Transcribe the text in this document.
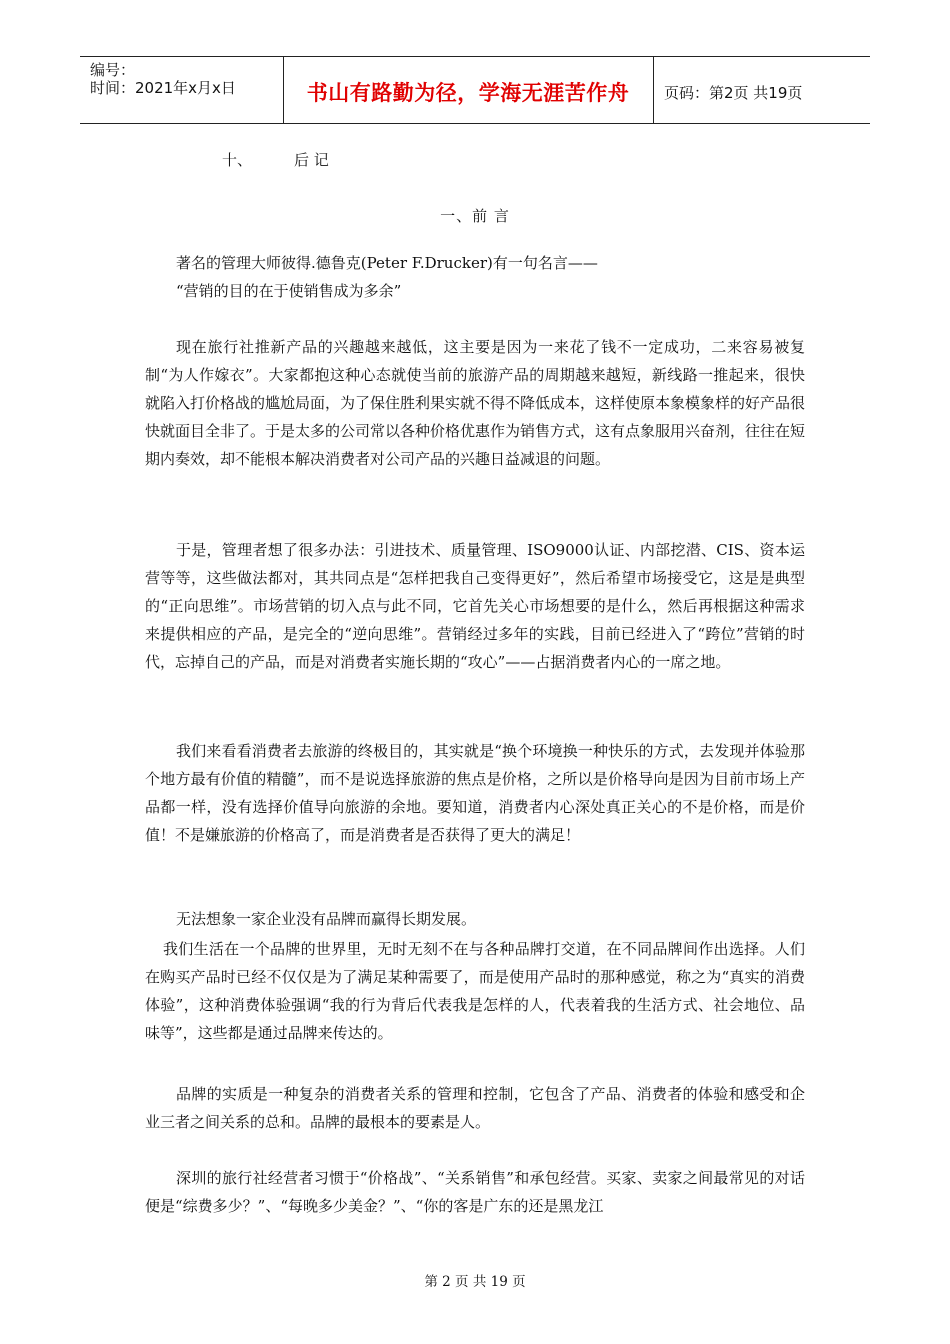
编号：
时间：2021年x月x日	书山有路勤为径，学海无涯苦作舟	页码：第2页 共19页
十、	后 记
一、前 言

著名的管理大师彼得.德鲁克(Peter F.Drucker)有一句名言——

“营销的目的在于使销售成为多余”

现在旅行社推新产品的兴趣越来越低，这主要是因为一来花了钱不一定成功，二来容易被复制“为人作嫁衣”。大家都抱这种心态就使当前的旅游产品的周期越来越短，新线路一推起来，很快就陷入打价格战的尴尬局面，为了保住胜利果实就不得不降低成本，这样使原本象模象样的好产品很快就面目全非了。于是太多的公司常以各种价格优惠作为销售方式，这有点象服用兴奋剂，往往在短期内奏效，却不能根本解决消费者对公司产品的兴趣日益减退的问题。

于是，管理者想了很多办法：引进技术、质量管理、ISO9000认证、内部挖潜、CIS、资本运营等等，这些做法都对，其共同点是“怎样把我自己变得更好”，然后希望市场接受它，这是是典型的“正向思维”。市场营销的切入点与此不同，它首先关心市场想要的是什么，然后再根据这种需求来提供相应的产品，是完全的“逆向思维”。营销经过多年的实践，目前已经进入了“跨位”营销的时代，忘掉自己的产品，而是对消费者实施长期的“攻心”——占据消费者内心的一席之地。

我们来看看消费者去旅游的终极目的，其实就是“换个环境换一种快乐的方式，去发现并体验那个地方最有价值的精髓”，而不是说选择旅游的焦点是价格，之所以是价格导向是因为目前市场上产品都一样，没有选择价值导向旅游的余地。要知道，消费者内心深处真正关心的不是价格，而是价值！不是嫌旅游的价格高了，而是消费者是否获得了更大的满足！

无法想象一家企业没有品牌而赢得长期发展。

我们生活在一个品牌的世界里，无时无刻不在与各种品牌打交道，在不同品牌间作出选择。人们在购买产品时已经不仅仅是为了满足某种需要了，而是使用产品时的那种感觉，称之为“真实的消费体验”，这种消费体验强调“我的行为背后代表我是怎样的人，代表着我的生活方式、社会地位、品味等”，这些都是通过品牌来传达的。

品牌的实质是一种复杂的消费者关系的管理和控制，它包含了产品、消费者的体验和感受和企业三者之间关系的总和。品牌的最根本的要素是人。

深圳的旅行社经营者习惯于“价格战”、“关系销售”和承包经营。买家、卖家之间最常见的对话便是“综费多少？”、“每晚多少美金？”、“你的客是广东的还是黑龙江

第 2 页 共 19 页
